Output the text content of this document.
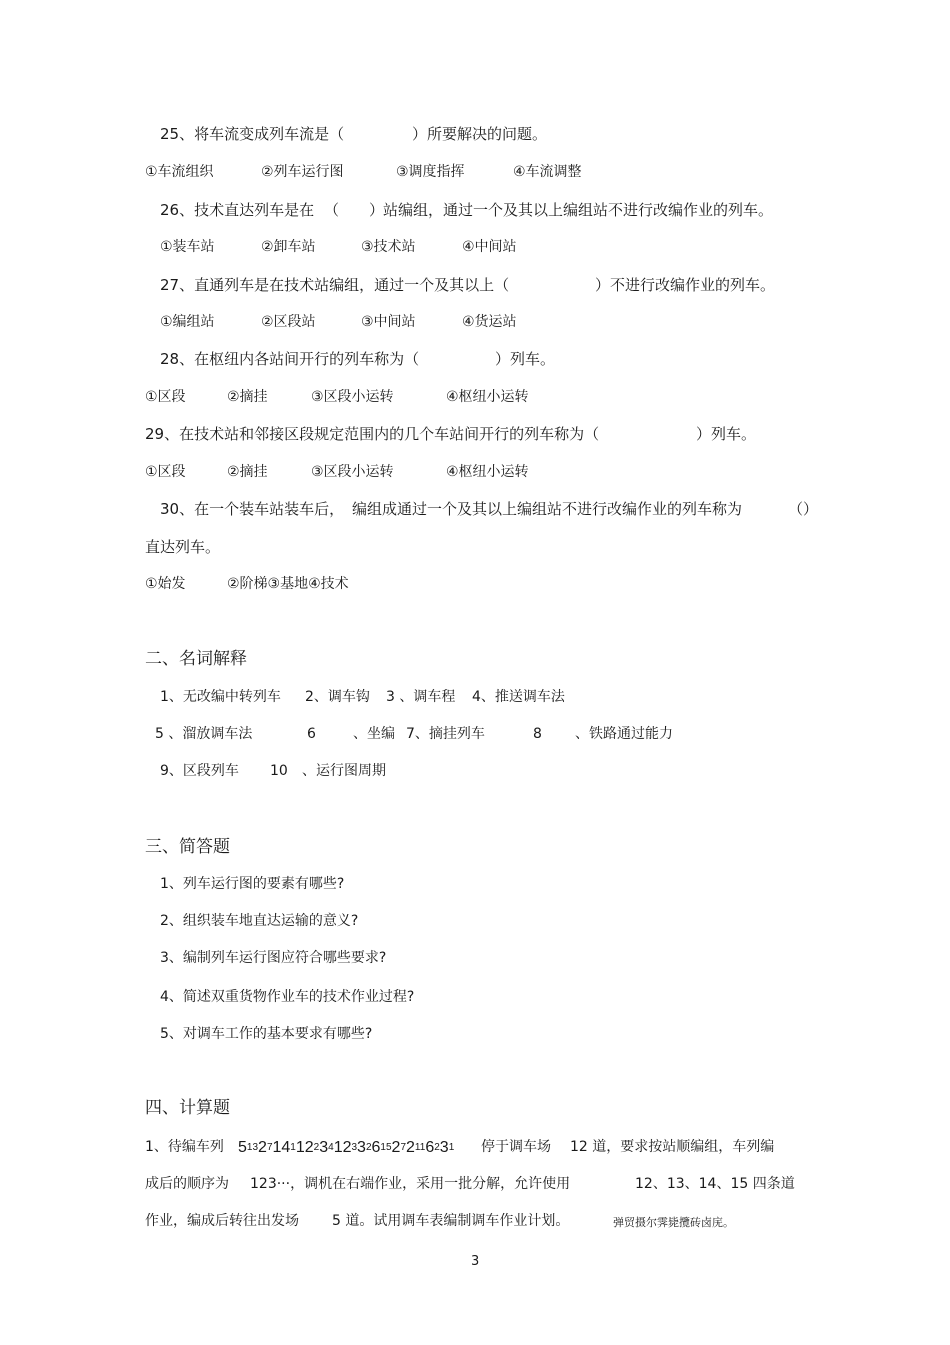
25、将车流变成列车流是（	）所要解决的问题。
①车流组织	②列车运行图	③调度指挥	④车流调整
26、技术直达列车是在 （　　）
站编组，通过一个及其以上编组站不进行改编作业的列车。
①装车站	②卸车站	③技术站	④中间站
27、直通列车是在技术站编组，通过一个及其以上（	）不进行改编作业的列车。
①编组站	②区段站	③中间站	④货运站
28、在枢纽内各站间开行的列车称为（	）列车。
①区段	②摘挂	③区段小运转	④枢纽小运转
29、在技术站和邻接区段规定范围内的几个车站间开行的列车称为（	）列车。
①区段	②摘挂	③区段小运转	④枢纽小运转
30、在一个装车站装车后， 编组成通过一个及其以上编组站不进行改编作业的列车称为	（）
直达列车。
①始发	②阶梯③基地④技术
二、名词解释
1、无改编中转列车 2、调车钩 3 、调车程 4、推送调车法
5 、溜放调车法	6	、坐编 7、摘挂列车	8 、铁路通过能力
9、区段列车 10 、运行图周期
三、简答题
1、列车运行图的要素有哪些?
2、组织装车地直达运输的意义?
3、编制列车运行图应符合哪些要求?
4、简述双重货物作业车的技术作业过程?
5、对调车工作的基本要求有哪些?
四、计算题
1、待编车列 513271411223412332615272116231 停于调车场 12 道，要求按站顺编组，车列编
成后的顺序为 123···，调机在右端作业，采用一批分解，允许使用	12、13、14、15 四条道
作业，编成后转往出发场 5 道。试用调车表编制调车作业计划。	弹贸摄尔霁毙攬砖卤庑。
3
